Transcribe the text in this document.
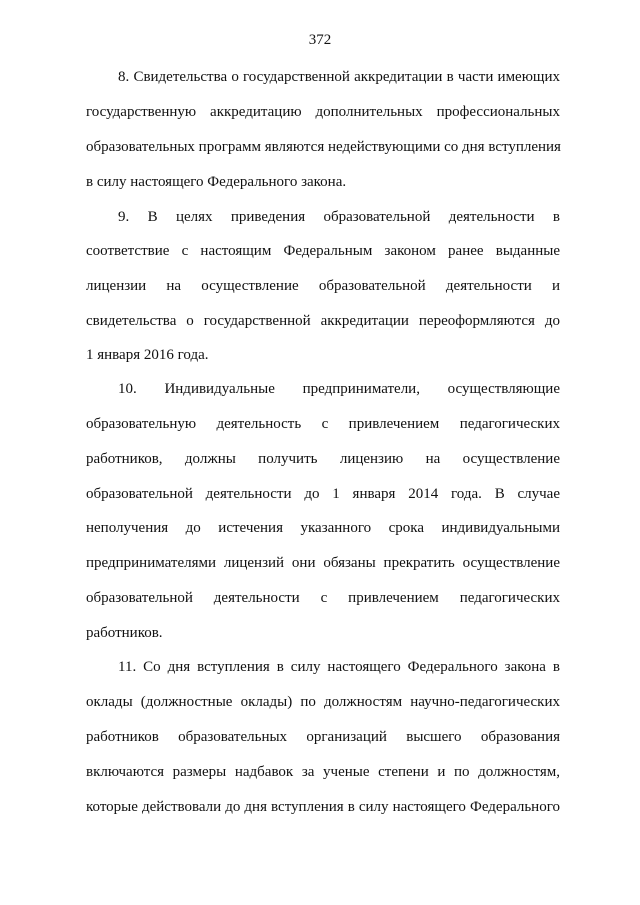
372
8. Свидетельства о государственной аккредитации в части имеющих
государственную аккредитацию дополнительных профессиональных
образовательных программ являются недействующими со дня вступления
в силу настоящего Федерального закона.
9. В целях приведения образовательной деятельности в
соответствие с настоящим Федеральным законом ранее выданные
лицензии на осуществление образовательной деятельности и
свидетельства о государственной аккредитации переоформляются до
1 января 2016 года.
10. Индивидуальные предприниматели, осуществляющие
образовательную деятельность с привлечением педагогических
работников, должны получить лицензию на осуществление
образовательной деятельности до 1 января 2014 года. В случае
неполучения до истечения указанного срока индивидуальными
предпринимателями лицензий они обязаны прекратить осуществление
образовательной деятельности с привлечением педагогических
работников.
11. Со дня вступления в силу настоящего Федерального закона в
оклады (должностные оклады) по должностям научно-педагогических
работников образовательных организаций высшего образования
включаются размеры надбавок за ученые степени и по должностям,
которые действовали до дня вступления в силу настоящего Федерального
